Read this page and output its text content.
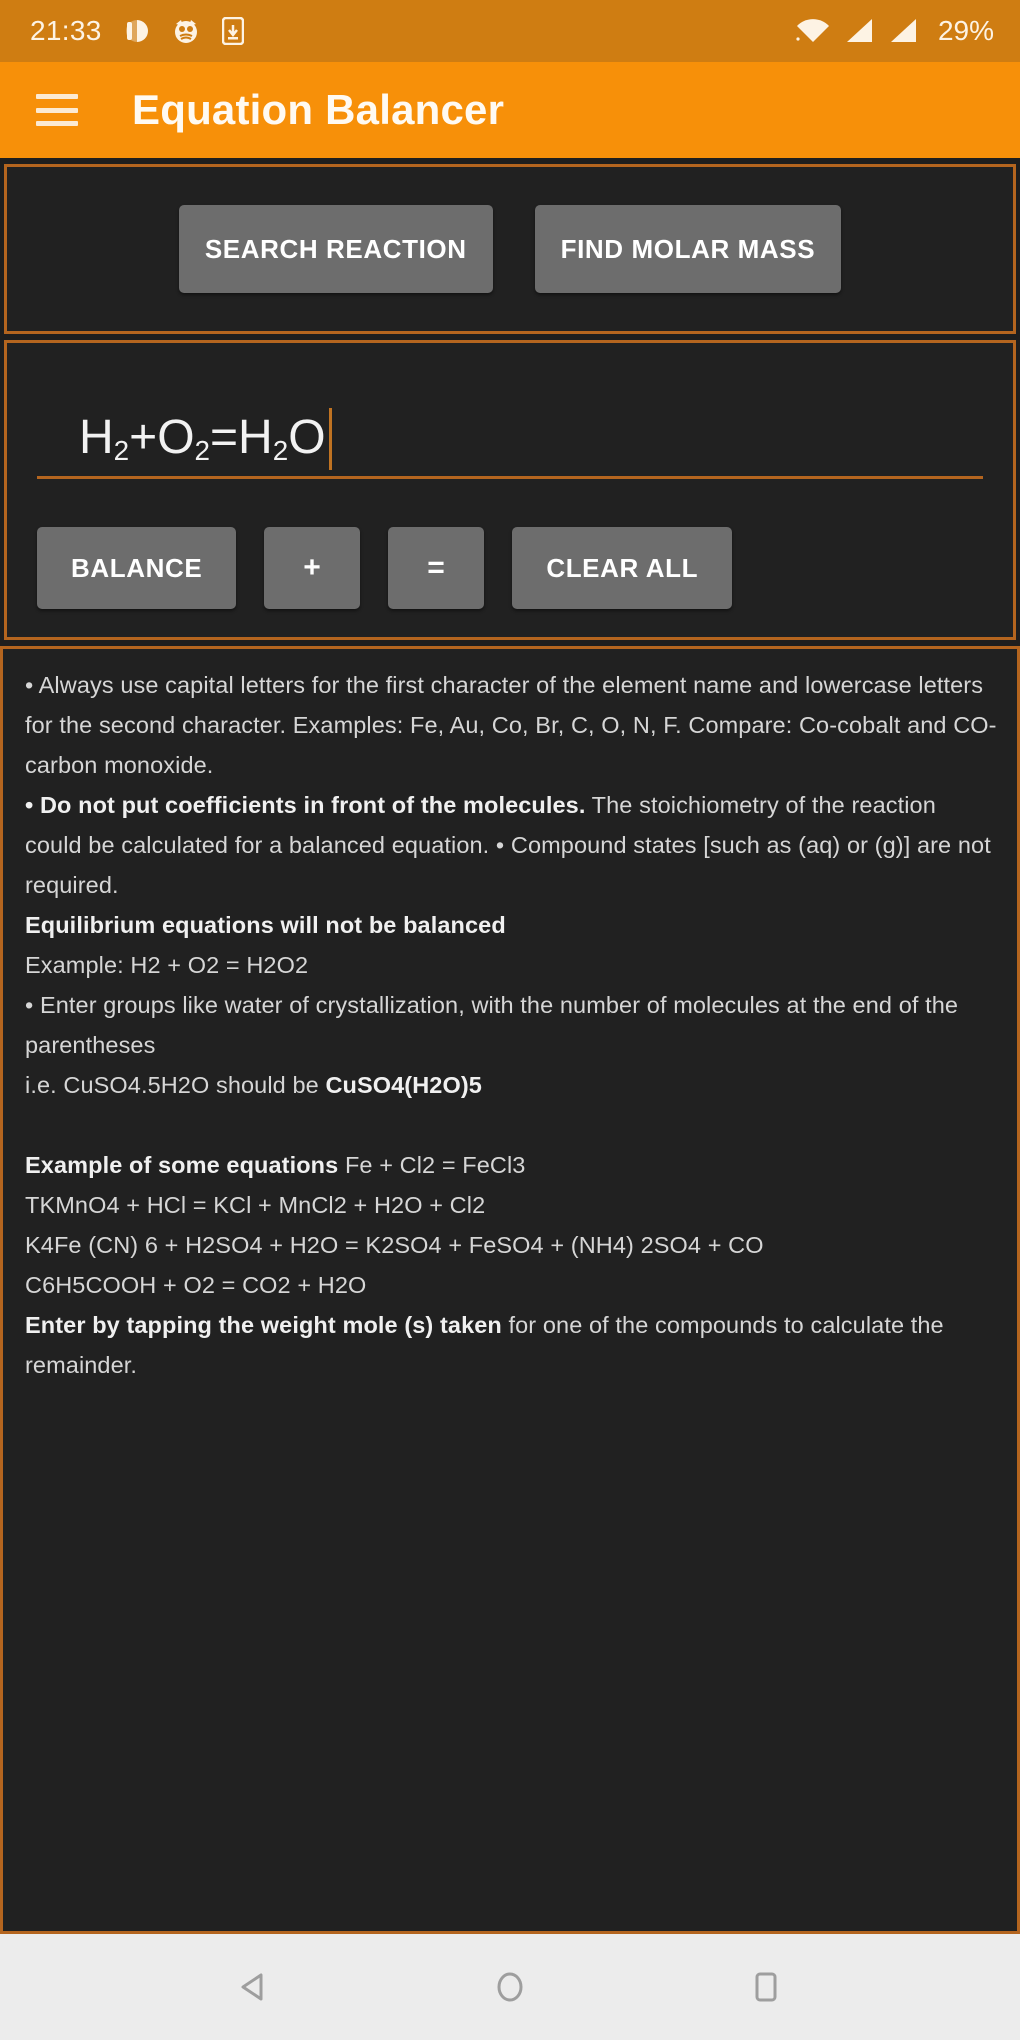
21:33	29%
Equation Balancer
SEARCH REACTION	FIND MOLAR MASS
$H_2+O_2=H_2O$
BALANCE	+	=	CLEAR ALL

• Always use capital letters for the first character of the element name and lowercase letters for the second character. Examples: Fe, Au, Co, Br, C, O, N, F. Compare: Co-cobalt and CO-carbon monoxide.

• Do not put coefficients in front of the molecules. The stoichiometry of the reaction could be calculated for a balanced equation. • Compound states [such as (aq) or (g)] are not required.

Equilibrium equations will not be balanced

Example: H2 + O2 = H2O2

• Enter groups like water of crystallization, with the number of molecules at the end of the parentheses

i.e. CuSO4.5H2O should be CuSO4(H2O)5

Example of some equations Fe + Cl2 = FeCl3

TKMnO4 + HCl = KCl + MnCl2 + H2O + Cl2

K4Fe (CN) 6 + H2SO4 + H2O = K2SO4 + FeSO4 + (NH4) 2SO4 + CO

C6H5COOH + O2 = CO2 + H2O

Enter by tapping the weight mole (s) taken for one of the compounds to calculate the remainder.
